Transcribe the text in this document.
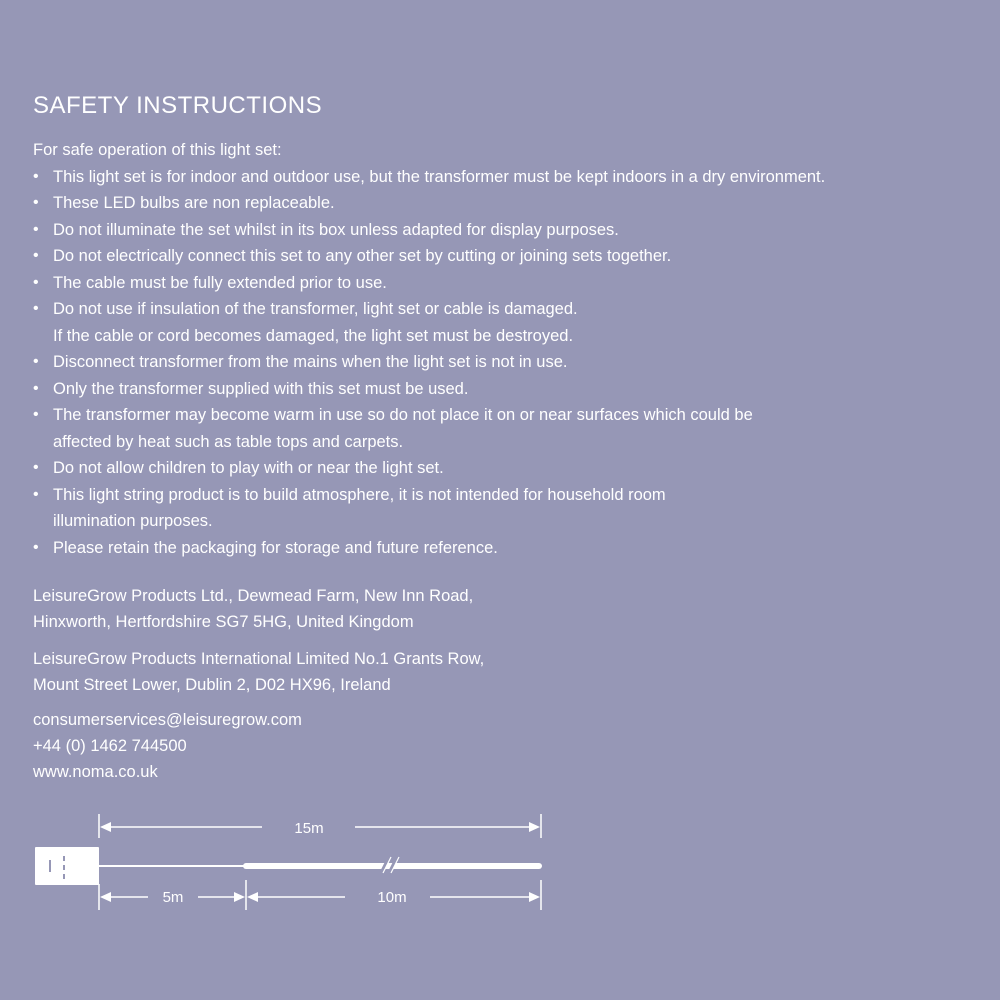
SAFETY INSTRUCTIONS

For safe operation of this light set:

• This light set is for indoor and outdoor use, but the transformer must be kept indoors in a dry environment.
• These LED bulbs are non replaceable.
• Do not illuminate the set whilst in its box unless adapted for display purposes.
• Do not electrically connect this set to any other set by cutting or joining sets together.
• The cable must be fully extended prior to use.
• Do not use if insulation of the transformer, light set or cable is damaged.
If the cable or cord becomes damaged, the light set must be destroyed.
• Disconnect transformer from the mains when the light set is not in use.
• Only the transformer supplied with this set must be used.
• The transformer may become warm in use so do not place it on or near surfaces which could be
affected by heat such as table tops and carpets.
• Do not allow children to play with or near the light set.
• This light string product is to build atmosphere, it is not intended for household room
illumination purposes.
• Please retain the packaging for storage and future reference.

LeisureGrow Products Ltd., Dewmead Farm, New Inn Road,

Hinxworth, Hertfordshire SG7 5HG, United Kingdom

LeisureGrow Products International Limited No.1 Grants Row,

Mount Street Lower, Dublin 2, D02 HX96, Ireland

consumerservices@leisuregrow.com

+44 (0) 1462 744500

www.noma.co.uk

15m
5m	10m
